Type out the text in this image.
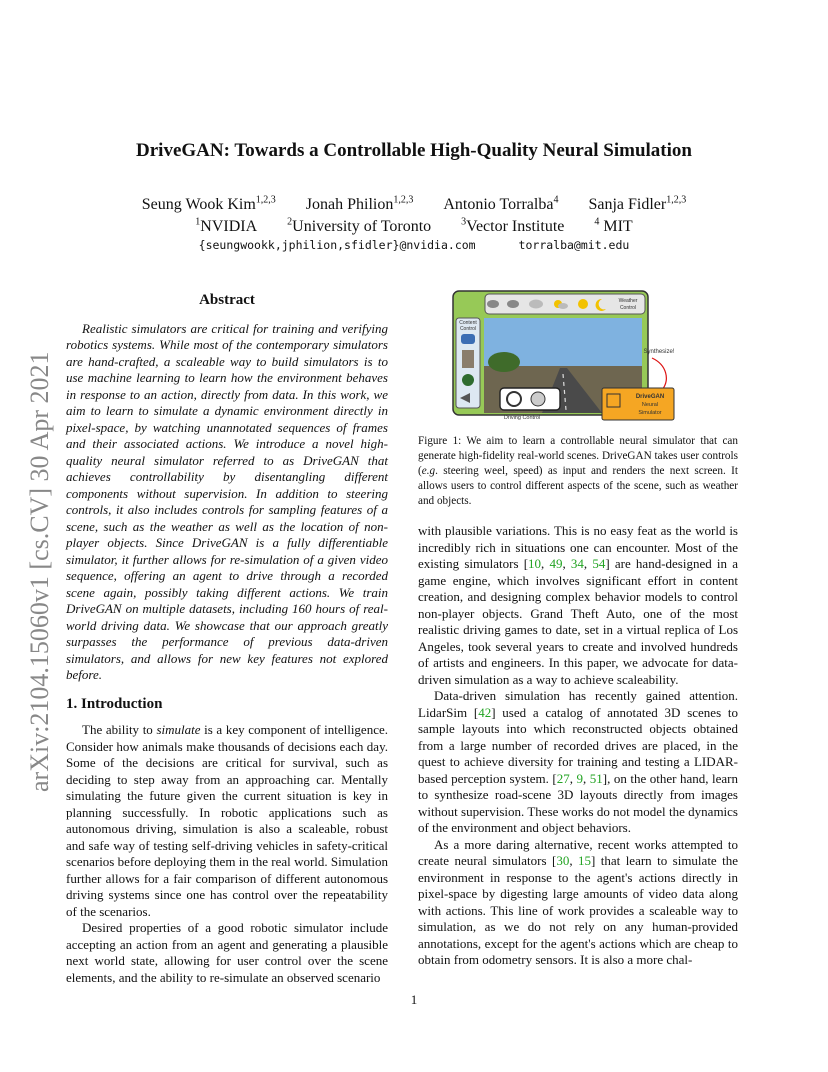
arXiv:2104.15060v1 [cs.CV] 30 Apr 2021
DriveGAN: Towards a Controllable High-Quality Neural Simulation
Seung Wook Kim$^{1,2,3}$ Jonah Philion$^{1,2,3}$ Antonio Torralba$^4$ Sanja Fidler$^{1,2,3}$
$^1$NVIDIA	$^2$University of Toronto	$^3$Vector Institute	$^4$ MIT
{seungwookk,jphilion,sfidler}@nvidia.com	torralba@mit.edu
Abstract

Realistic simulators are critical for training and verifying robotics systems. While most of the contemporary simulators are hand-crafted, a scaleable way to build simulators is to use machine learning to learn how the environment behaves in response to an action, directly from data. In this work, we aim to learn to simulate a dynamic environment directly in pixel-space, by watching unannotated sequences of frames and their associated actions. We introduce a novel high-quality neural simulator referred to as DriveGAN that achieves controllability by disentangling different components without supervision. In addition to steering controls, it also includes controls for sampling features of a scene, such as the weather as well as the location of non-player objects. Since DriveGAN is a fully differentiable simulator, it further allows for re-simulation of a given video sequence, offering an agent to drive through a recorded scene again, possibly taking different actions. We train DriveGAN on multiple datasets, including 160 hours of real-world driving data. We showcase that our approach greatly surpasses the performance of previous data-driven simulators, and allows for new key features not explored before.

1. Introduction

The ability to simulate is a key component of intelligence. Consider how animals make thousands of decisions each day. Some of the decisions are critical for survival, such as deciding to step away from an approaching car. Mentally simulating the future given the current situation is key in planning successfully. In robotic applications such as autonomous driving, simulation is also a scaleable, robust and safe way of testing self-driving vehicles in safety-critical scenarios before deploying them in the real world. Simulation further allows for a fair comparison of different autonomous driving systems since one has control over the repeatability of the scenarios.

Desired properties of a good robotic simulator include accepting an action from an agent and generating a plausible next world state, allowing for user control over the scene elements, and the ability to re-simulate an observed scenario

Weather
Control
Content
Control
Driving Control
Synthesize!
DriveGAN
Neural
Simulator
Figure 1: We aim to learn a controllable neural simulator that can generate high-fidelity real-world scenes. DriveGAN takes user controls (e.g. steering weel, speed) as input and renders the next screen. It allows users to control different aspects of the scene, such as weather and objects.

with plausible variations. This is no easy feat as the world is incredibly rich in situations one can encounter. Most of the existing simulators [10, 49, 34, 54] are hand-designed in a game engine, which involves significant effort in content creation, and designing complex behavior models to control non-player objects. Grand Theft Auto, one of the most realistic driving games to date, set in a virtual replica of Los Angeles, took several years to create and involved hundreds of artists and engineers. In this paper, we advocate for data-driven simulation as a way to achieve scaleability.

Data-driven simulation has recently gained attention. LidarSim [42] used a catalog of annotated 3D scenes to sample layouts into which reconstructed objects obtained from a large number of recorded drives are placed, in the quest to achieve diversity for training and testing a LIDAR-based perception system. [27, 9, 51], on the other hand, learn to synthesize road-scene 3D layouts directly from images without supervision. These works do not model the dynamics of the environment and object behaviors.

As a more daring alternative, recent works attempted to create neural simulators [30, 15] that learn to simulate the environment in response to the agent's actions directly in pixel-space by digesting large amounts of video data along with actions. This line of work provides a scaleable way to simulation, as we do not rely on any human-provided annotations, except for the agent's actions which are cheap to obtain from odometry sensors. It is also a more chal-

1
